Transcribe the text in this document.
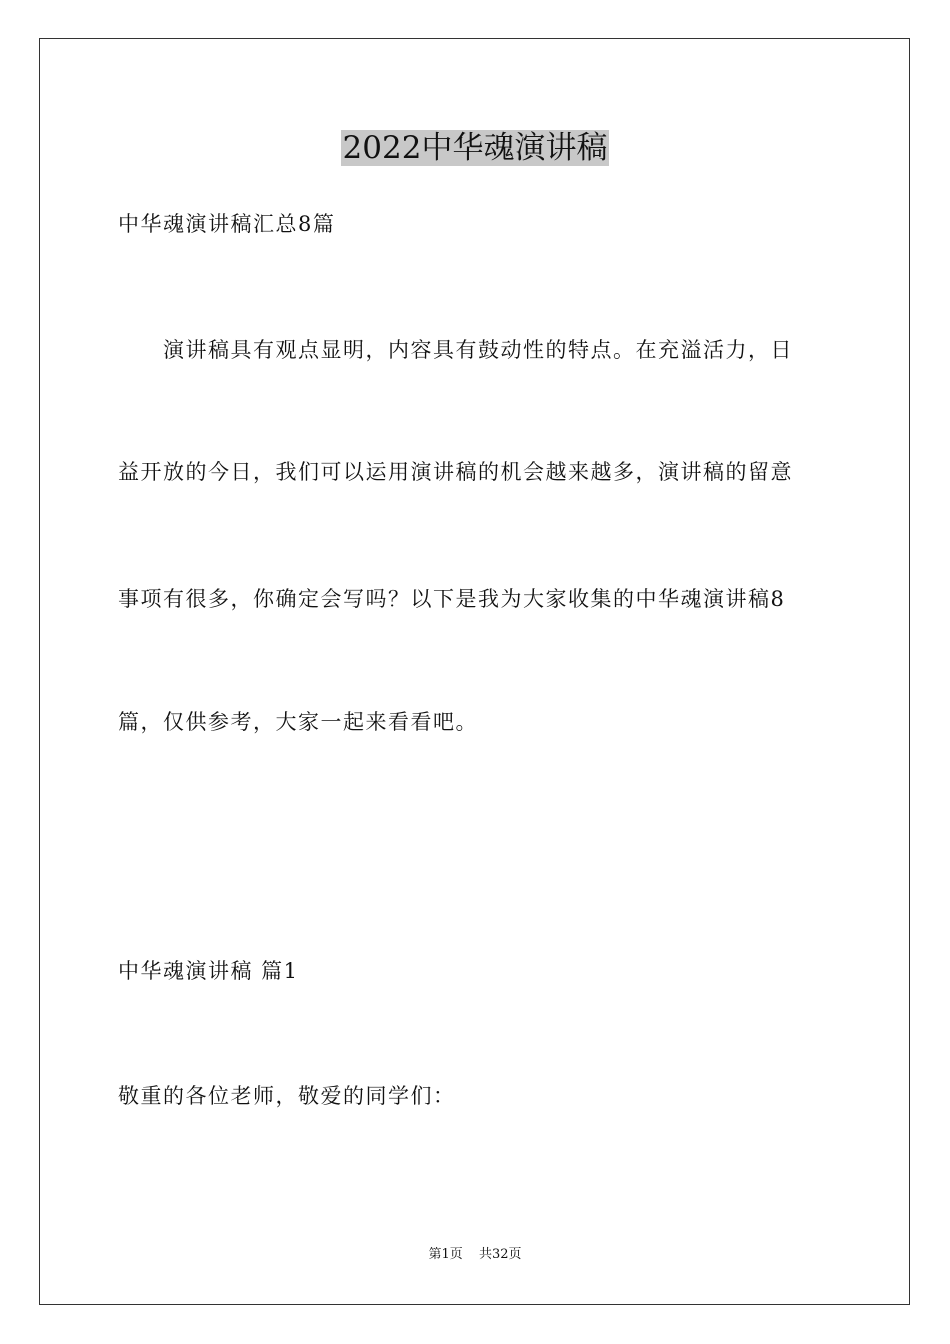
2022中华魂演讲稿
中华魂演讲稿汇总8篇
演讲稿具有观点显明，内容具有鼓动性的特点。在充溢活力，日
益开放的今日，我们可以运用演讲稿的机会越来越多，演讲稿的留意
事项有很多，你确定会写吗？以下是我为大家收集的中华魂演讲稿8
篇，仅供参考，大家一起来看看吧。
中华魂演讲稿 篇1
敬重的各位老师，敬爱的同学们：
第1页 共32页
